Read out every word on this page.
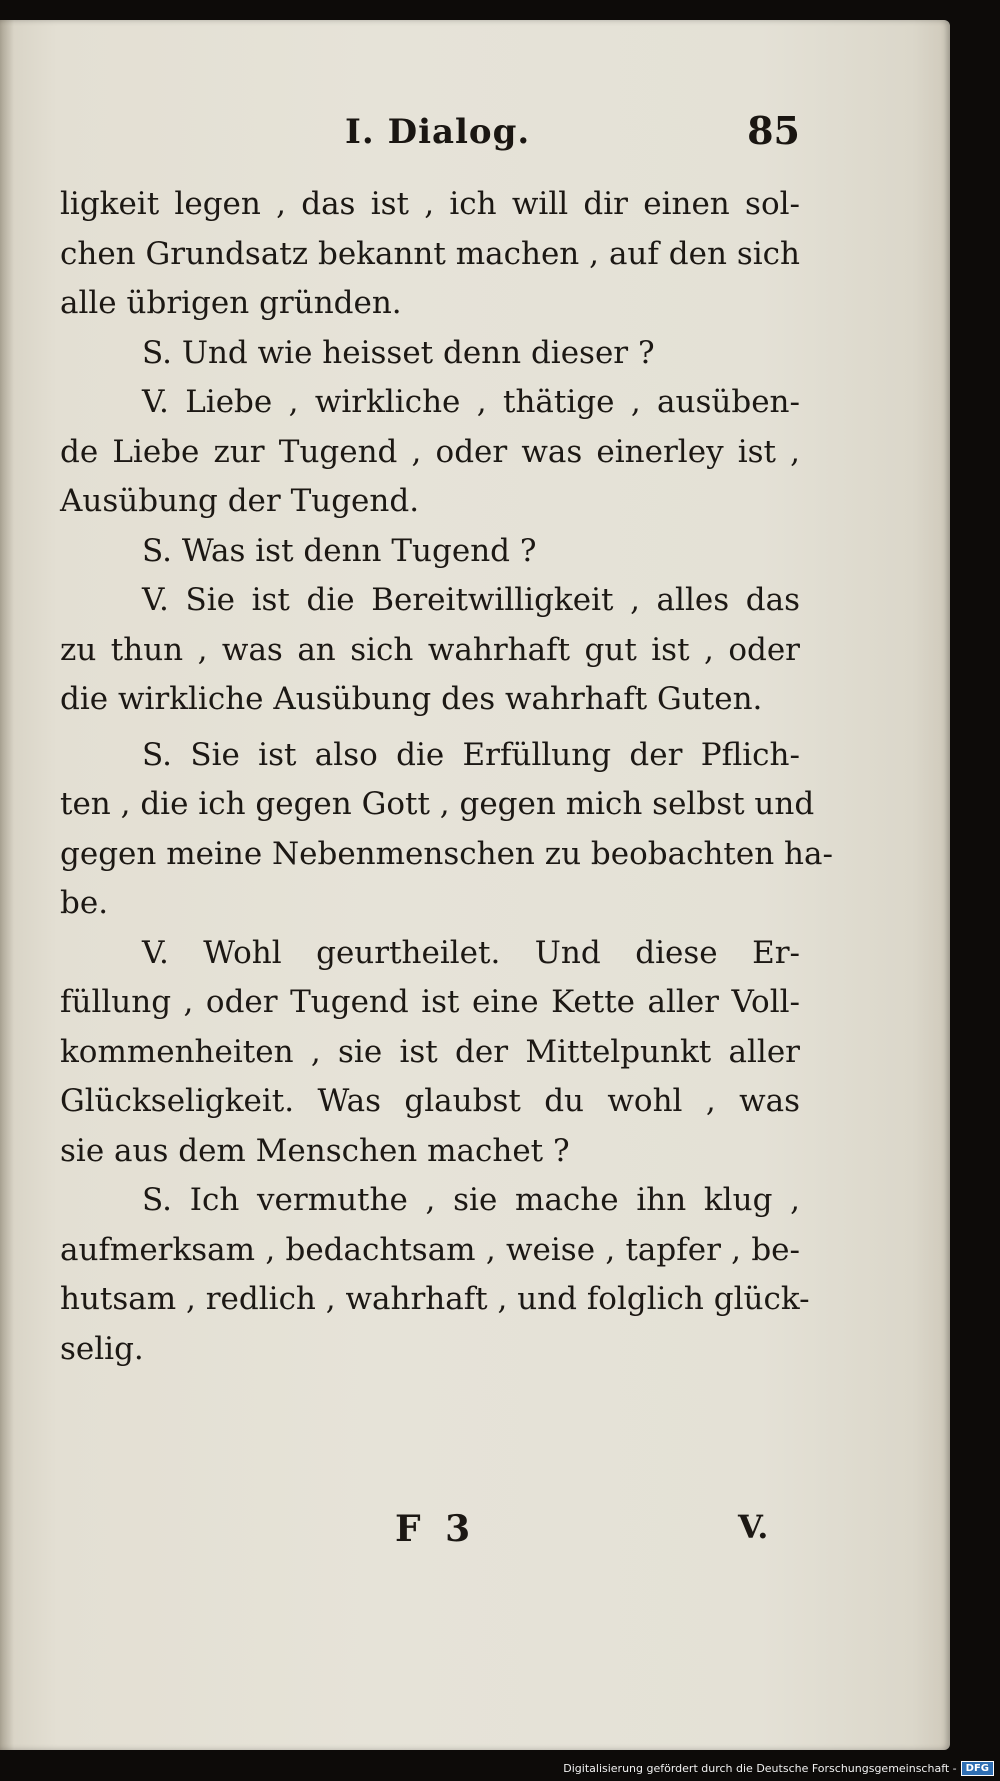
I. Dialog.	85
ligkeit legen , das ist , ich will dir einen sol-
chen Grundsatz bekannt machen , auf den sich
alle übrigen gründen.
S. Und wie heisset denn dieser ?
V. Liebe , wirkliche , thätige , ausüben-
de Liebe zur Tugend , oder was einerley ist ,
Ausübung der Tugend.
S. Was ist denn Tugend ?
V. Sie ist die Bereitwilligkeit , alles das
zu thun , was an sich wahrhaft gut ist , oder
die wirkliche Ausübung des wahrhaft Guten.
S. Sie ist also die Erfüllung der Pflich-
ten , die ich gegen Gott , gegen mich selbst und
gegen meine Nebenmenschen zu beobachten ha-
be.
V. Wohl geurtheilet. Und diese Er-
füllung , oder Tugend ist eine Kette aller Voll-
kommenheiten , sie ist der Mittelpunkt aller
Glückseligkeit. Was glaubst du wohl , was
sie aus dem Menschen machet ?
S. Ich vermuthe , sie mache ihn klug ,
aufmerksam , bedachtsam , weise , tapfer , be-
hutsam , redlich , wahrhaft , und folglich glück-
selig.
F 3	V.
Digitalisierung gefördert durch die Deutsche Forschungsgemeinschaft - DFG
